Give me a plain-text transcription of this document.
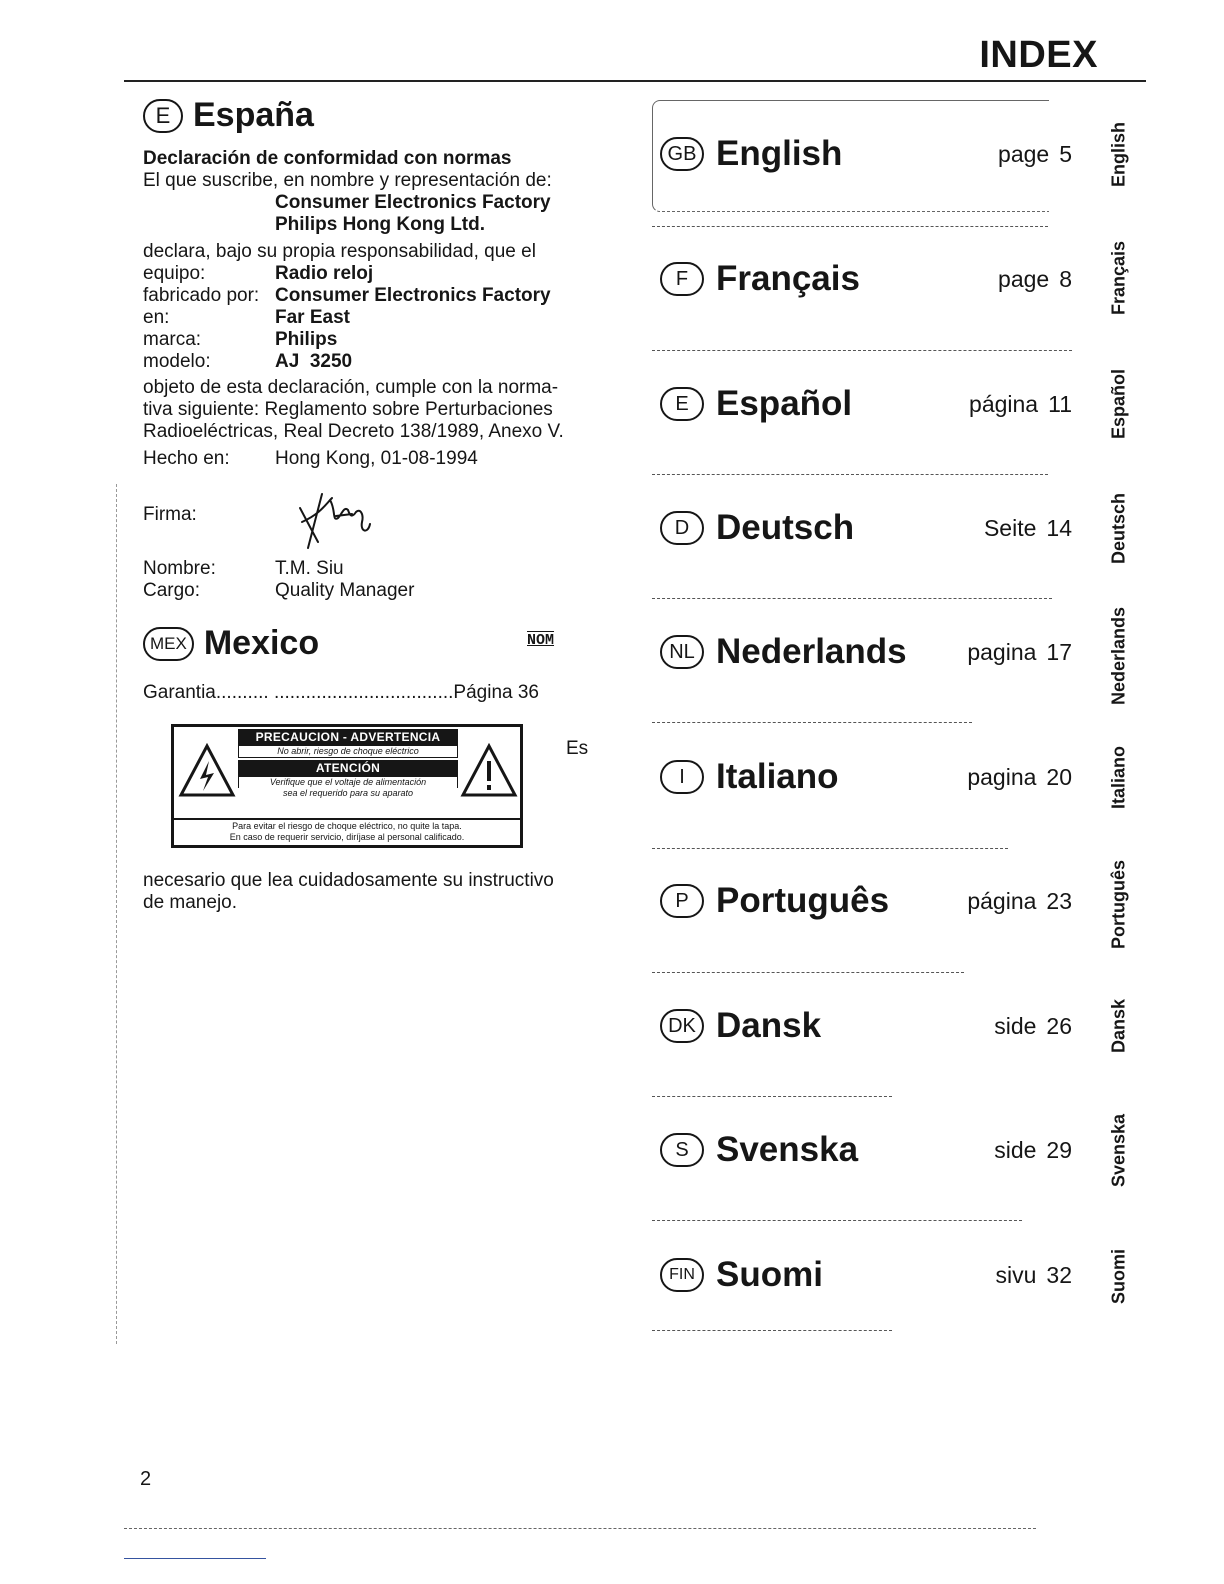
INDEX
E España
Declaración de conformidad con normas
El que suscribe, en nombre y representación de:
Consumer Electronics Factory
Philips Hong Kong Ltd.
declara, bajo su propia responsabilidad, que el
equipo:	Radio reloj
fabricado por: Consumer Electronics Factory
en:	Far East
marca:	Philips
modelo:	AJ  3250
objeto de esta declaración, cumple con la norma-
tiva siguiente: Reglamento sobre Perturbaciones
Radioeléctricas, Real Decreto 138/1989, Anexo V.
Hecho en:	Hong Kong, 01-08-1994
Firma:
Nombre:	T.M. Siu
Cargo:	Quality Manager
MEX Mexico	NOM
Garantia.......... ..................................Página 36
PRECAUCION - ADVERTENCIA
No abrir, riesgo de choque eléctrico
ATENCIÓN
Verifique que el voltaje de alimentación
sea el requerido para su aparato
Para evitar el riesgo de choque eléctrico, no quite la tapa.
En caso de requerir servicio, diríjase al personal calificado.
Es
necesario que lea cuidadosamente su instructivo
de manejo.
GB English	page 5
F Français	page 8
E Español	página 11
D Deutsch	Seite 14
NL Nederlands	pagina 17
I Italiano	pagina 20
P Português	página 23
DK Dansk	side 26
S Svenska	side 29
FIN Suomi	sivu 32
English
Français
Español
Deutsch
Nederlands
Italiano
Português
Dansk
Svenska
Suomi
2
